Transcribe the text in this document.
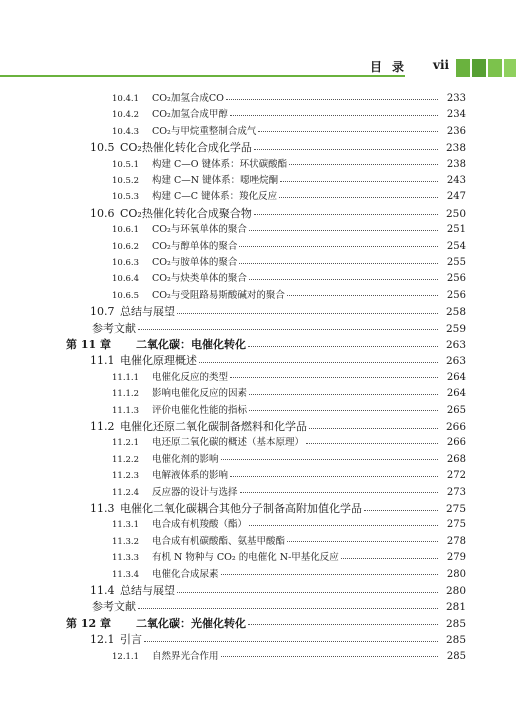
目录 vii
10.4.1	CO₂加氢合成CO	233
10.4.2	CO₂加氢合成甲醇	234
10.4.3	CO₂与甲烷重整制合成气	236
10.5 CO₂热催化转化合成化学品	238
10.5.1	构建 C—O 键体系：环状碳酸酯	238
10.5.2	构建 C—N 键体系：噁唑烷酮	243
10.5.3	构建 C—C 键体系：羧化反应	247
10.6 CO₂热催化转化合成聚合物	250
10.6.1	CO₂与环氧单体的聚合	251
10.6.2	CO₂与醇单体的聚合	254
10.6.3	CO₂与胺单体的聚合	255
10.6.4	CO₂与炔类单体的聚合	256
10.6.5	CO₂与受阻路易斯酸碱对的聚合	256
10.7 总结与展望	258
参考文献	259
第 11 章	二氧化碳：电催化转化	263
11.1 电催化原理概述	263
11.1.1	电催化反应的类型	264
11.1.2	影响电催化反应的因素	264
11.1.3	评价电催化性能的指标	265
11.2 电催化还原二氧化碳制备燃料和化学品	266
11.2.1	电还原二氧化碳的概述（基本原理）	266
11.2.2	电催化剂的影响	268
11.2.3	电解液体系的影响	272
11.2.4	反应器的设计与选择	273
11.3 电催化二氧化碳耦合其他分子制备高附加值化学品	275
11.3.1	电合成有机羧酸（酯）	275
11.3.2	电合成有机碳酸酯、氨基甲酸酯	278
11.3.3	有机 N 物种与 CO₂ 的电催化 N-甲基化反应	279
11.3.4	电催化合成尿素	280
11.4 总结与展望	280
参考文献	281
第 12 章	二氧化碳：光催化转化	285
12.1 引言	285
12.1.1	自然界光合作用	285
